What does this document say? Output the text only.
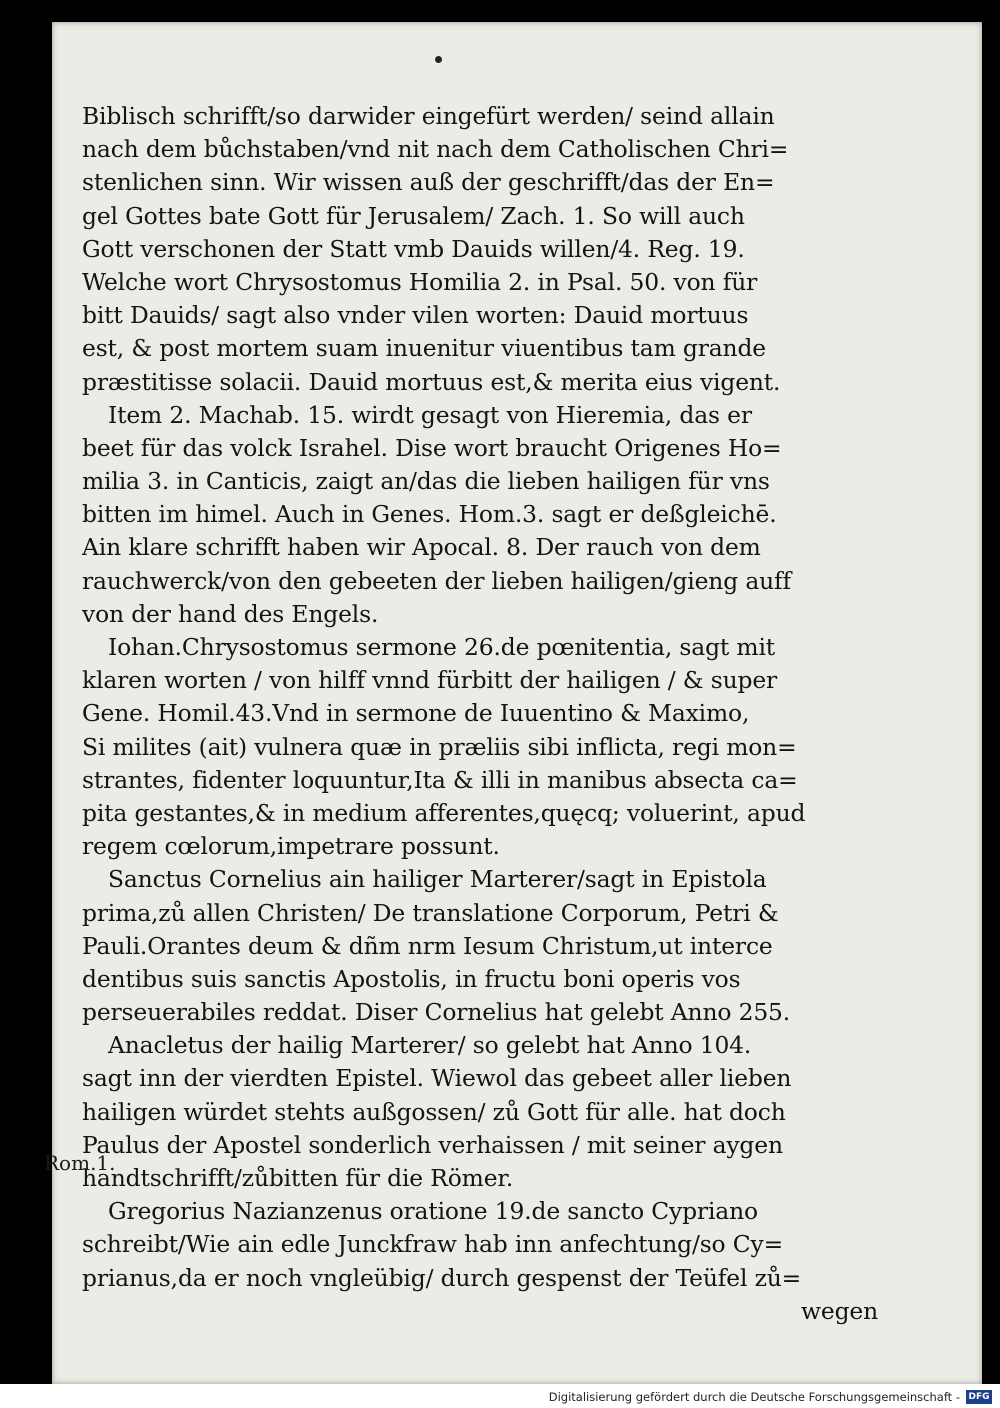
Biblisch schrifft/so darwider eingefürt werden/ seind allain
nach dem bůchstaben/vnd nit nach dem Catholischen Chri=
stenlichen sinn. Wir wissen auß der geschrifft/das der En=
gel Gottes bate Gott für Jerusalem/ Zach. 1. So will auch
Gott verschonen der Statt vmb Dauids willen/4. Reg. 19.
Welche wort Chrysostomus Homilia 2. in Psal. 50. von für
bitt Dauids/ sagt also vnder vilen worten: Dauid mortuus
est, & post mortem suam inuenitur viuentibus tam grande
præstitisse solacii. Dauid mortuus est,& merita eius vigent.
Item 2. Machab. 15. wirdt gesagt von Hieremia, das er
beet für das volck Israhel. Dise wort braucht Origenes Ho=
milia 3. in Canticis, zaigt an/das die lieben hailigen für vns
bitten im himel. Auch in Genes. Hom.3. sagt er deßgleichē.
Ain klare schrifft haben wir Apocal. 8. Der rauch von dem
rauchwerck/von den gebeeten der lieben hailigen/gieng auff
von der hand des Engels.
Iohan.Chrysostomus sermone 26.de pœnitentia, sagt mit
klaren worten / von hilff vnnd fürbitt der hailigen / & super
Gene. Homil.43.Vnd in sermone de Iuuentino & Maximo,
Si milites (ait) vulnera quæ in præliis sibi inflicta, regi mon=
strantes, fidenter loquuntur,Ita & illi in manibus absecta ca=
pita gestantes,& in medium afferentes,quęcq; voluerint, apud
regem cœlorum,impetrare possunt.
Sanctus Cornelius ain hailiger Marterer/sagt in Epistola
prima,zů allen Christen/ De translatione Corporum, Petri &
Pauli.Orantes deum & dñm nrm Iesum Christum,ut interce
dentibus suis sanctis Apostolis, in fructu boni operis vos
perseuerabiles reddat. Diser Cornelius hat gelebt Anno 255.
Anacletus der hailig Marterer/ so gelebt hat Anno 104.
sagt inn der vierdten Epistel. Wiewol das gebeet aller lieben
hailigen würdet stehts außgossen/ zů Gott für alle. hat doch
Paulus der Apostel sonderlich verhaissen / mit seiner aygen
handtschrifft/zůbitten für die Römer.
Gregorius Nazianzenus oratione 19.de sancto Cypriano
schreibt/Wie ain edle Junckfraw hab inn anfechtung/so Cy=
prianus,da er noch vngleübig/ durch gespenst der Teüfel zů=
wegen
Rom.1.
Digitalisierung gefördert durch die Deutsche Forschungsgemeinschaft - DFG
